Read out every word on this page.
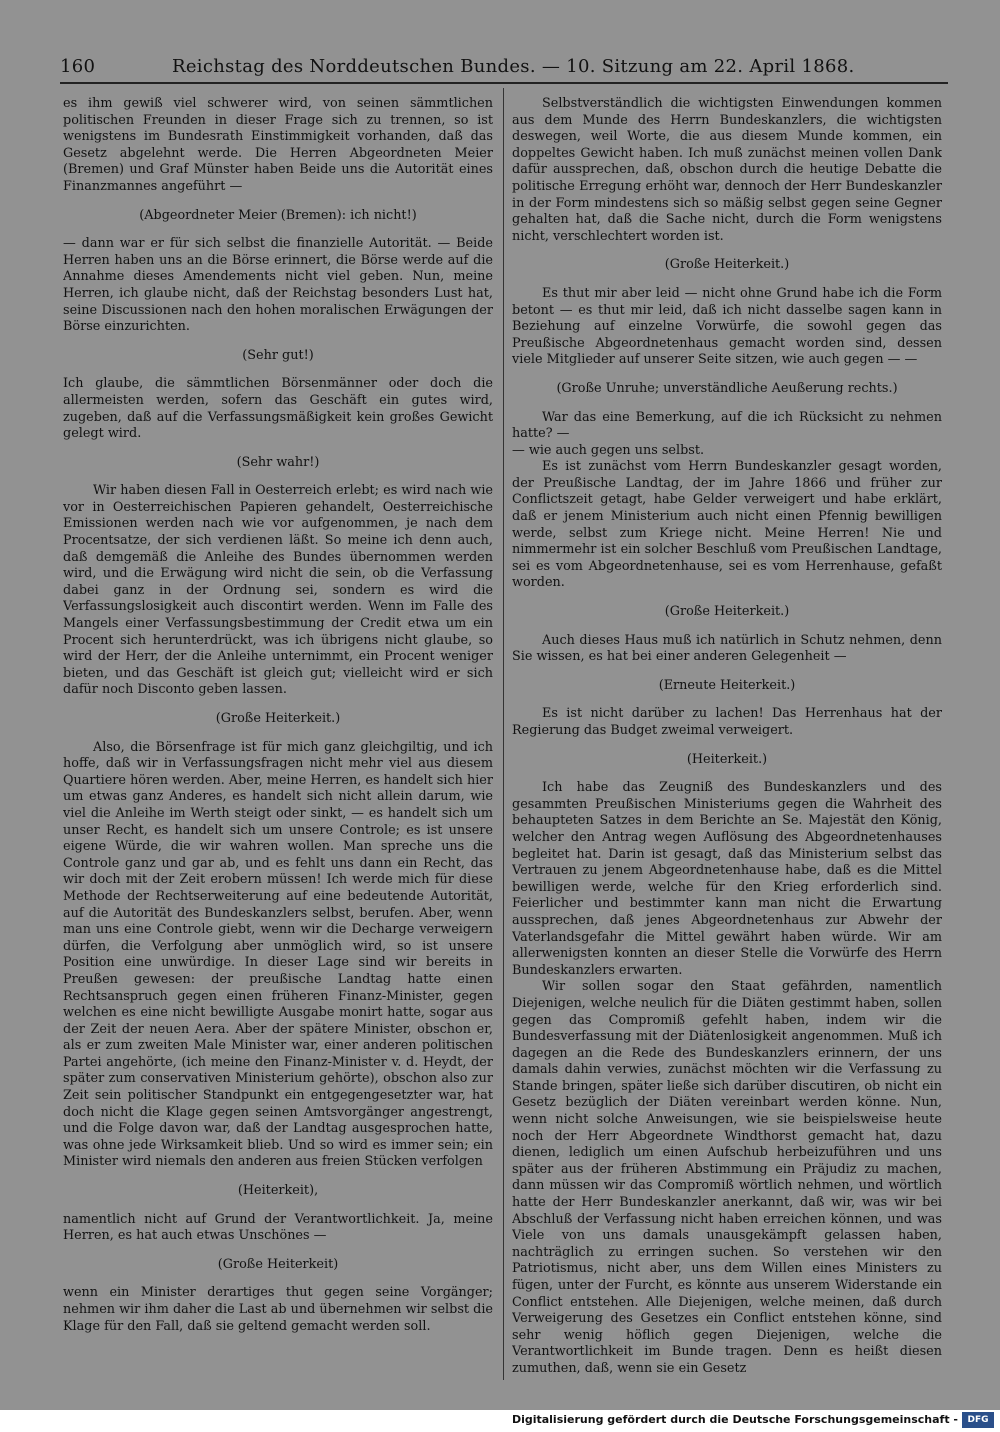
160	Reichstag des Norddeutschen Bundes. — 10. Sitzung am 22. April 1868.

es ihm gewiß viel schwerer wird, von seinen sämmtlichen politischen Freunden in dieser Frage sich zu trennen, so ist wenigstens im Bundesrath Einstimmigkeit vorhanden, daß das Gesetz abgelehnt werde. Die Herren Abgeordneten Meier (Bremen) und Graf Münster haben Beide uns die Autorität eines Finanzmannes angeführt —

(Abgeordneter Meier (Bremen): ich nicht!)

— dann war er für sich selbst die finanzielle Autorität. — Beide Herren haben uns an die Börse erinnert, die Börse werde auf die Annahme dieses Amendements nicht viel geben. Nun, meine Herren, ich glaube nicht, daß der Reichstag besonders Lust hat, seine Discussionen nach den hohen moralischen Erwägungen der Börse einzurichten.

(Sehr gut!)

Ich glaube, die sämmtlichen Börsenmänner oder doch die allermeisten werden, sofern das Geschäft ein gutes wird, zugeben, daß auf die Verfassungsmäßigkeit kein großes Gewicht gelegt wird.

(Sehr wahr!)

Wir haben diesen Fall in Oesterreich erlebt; es wird nach wie vor in Oesterreichischen Papieren gehandelt, Oesterreichische Emissionen werden nach wie vor aufgenommen, je nach dem Procentsatze, der sich verdienen läßt. So meine ich denn auch, daß demgemäß die Anleihe des Bundes übernommen werden wird, und die Erwägung wird nicht die sein, ob die Verfassung dabei ganz in der Ordnung sei, sondern es wird die Verfassungslosigkeit auch discontirt werden. Wenn im Falle des Mangels einer Verfassungsbestimmung der Credit etwa um ein Procent sich herunterdrückt, was ich übrigens nicht glaube, so wird der Herr, der die Anleihe unternimmt, ein Procent weniger bieten, und das Geschäft ist gleich gut; vielleicht wird er sich dafür noch Disconto geben lassen.

(Große Heiterkeit.)

Also, die Börsenfrage ist für mich ganz gleichgiltig, und ich hoffe, daß wir in Verfassungsfragen nicht mehr viel aus diesem Quartiere hören werden. Aber, meine Herren, es handelt sich hier um etwas ganz Anderes, es handelt sich nicht allein darum, wie viel die Anleihe im Werth steigt oder sinkt, — es handelt sich um unser Recht, es handelt sich um unsere Controle; es ist unsere eigene Würde, die wir wahren wollen. Man spreche uns die Controle ganz und gar ab, und es fehlt uns dann ein Recht, das wir doch mit der Zeit erobern müssen! Ich werde mich für diese Methode der Rechtserweiterung auf eine bedeutende Autorität, auf die Autorität des Bundeskanzlers selbst, berufen. Aber, wenn man uns eine Controle giebt, wenn wir die Decharge verweigern dürfen, die Verfolgung aber unmöglich wird, so ist unsere Position eine unwürdige. In dieser Lage sind wir bereits in Preußen gewesen: der preußische Landtag hatte einen Rechtsanspruch gegen einen früheren Finanz-Minister, gegen welchen es eine nicht bewilligte Ausgabe monirt hatte, sogar aus der Zeit der neuen Aera. Aber der spätere Minister, obschon er, als er zum zweiten Male Minister war, einer anderen politischen Partei angehörte, (ich meine den Finanz-Minister v. d. Heydt, der später zum conservativen Ministerium gehörte), obschon also zur Zeit sein politischer Standpunkt ein entgegengesetzter war, hat doch nicht die Klage gegen seinen Amtsvorgänger angestrengt, und die Folge davon war, daß der Landtag ausgesprochen hatte, was ohne jede Wirksamkeit blieb. Und so wird es immer sein; ein Minister wird niemals den anderen aus freien Stücken verfolgen

(Heiterkeit),

namentlich nicht auf Grund der Verantwortlichkeit. Ja, meine Herren, es hat auch etwas Unschönes —

(Große Heiterkeit)

wenn ein Minister derartiges thut gegen seine Vorgänger; nehmen wir ihm daher die Last ab und übernehmen wir selbst die Klage für den Fall, daß sie geltend gemacht werden soll.

Selbstverständlich die wichtigsten Einwendungen kommen aus dem Munde des Herrn Bundeskanzlers, die wichtigsten deswegen, weil Worte, die aus diesem Munde kommen, ein doppeltes Gewicht haben. Ich muß zunächst meinen vollen Dank dafür aussprechen, daß, obschon durch die heutige Debatte die politische Erregung erhöht war, dennoch der Herr Bundeskanzler in der Form mindestens sich so mäßig selbst gegen seine Gegner gehalten hat, daß die Sache nicht, durch die Form wenigstens nicht, verschlechtert worden ist.

(Große Heiterkeit.)

Es thut mir aber leid — nicht ohne Grund habe ich die Form betont — es thut mir leid, daß ich nicht dasselbe sagen kann in Beziehung auf einzelne Vorwürfe, die sowohl gegen das Preußische Abgeordnetenhaus gemacht worden sind, dessen viele Mitglieder auf unserer Seite sitzen, wie auch gegen — —

(Große Unruhe; unverständliche Aeußerung rechts.)

War das eine Bemerkung, auf die ich Rücksicht zu nehmen hatte? —

— wie auch gegen uns selbst.

Es ist zunächst vom Herrn Bundeskanzler gesagt worden, der Preußische Landtag, der im Jahre 1866 und früher zur Conflictszeit getagt, habe Gelder verweigert und habe erklärt, daß er jenem Ministerium auch nicht einen Pfennig bewilligen werde, selbst zum Kriege nicht. Meine Herren! Nie und nimmermehr ist ein solcher Beschluß vom Preußischen Landtage, sei es vom Abgeordnetenhause, sei es vom Herrenhause, gefaßt worden.

(Große Heiterkeit.)

Auch dieses Haus muß ich natürlich in Schutz nehmen, denn Sie wissen, es hat bei einer anderen Gelegenheit —

(Erneute Heiterkeit.)

Es ist nicht darüber zu lachen! Das Herrenhaus hat der Regierung das Budget zweimal verweigert.

(Heiterkeit.)

Ich habe das Zeugniß des Bundeskanzlers und des gesammten Preußischen Ministeriums gegen die Wahrheit des behaupteten Satzes in dem Berichte an Se. Majestät den König, welcher den Antrag wegen Auflösung des Abgeordnetenhauses begleitet hat. Darin ist gesagt, daß das Ministerium selbst das Vertrauen zu jenem Abgeordnetenhause habe, daß es die Mittel bewilligen werde, welche für den Krieg erforderlich sind. Feierlicher und bestimmter kann man nicht die Erwartung aussprechen, daß jenes Abgeordnetenhaus zur Abwehr der Vaterlandsgefahr die Mittel gewährt haben würde. Wir am allerwenigsten konnten an dieser Stelle die Vorwürfe des Herrn Bundeskanzlers erwarten.

Wir sollen sogar den Staat gefährden, namentlich Diejenigen, welche neulich für die Diäten gestimmt haben, sollen gegen das Compromiß gefehlt haben, indem wir die Bundesverfassung mit der Diätenlosigkeit angenommen. Muß ich dagegen an die Rede des Bundeskanzlers erinnern, der uns damals dahin verwies, zunächst möchten wir die Verfassung zu Stande bringen, später ließe sich darüber discutiren, ob nicht ein Gesetz bezüglich der Diäten vereinbart werden könne. Nun, wenn nicht solche Anweisungen, wie sie beispielsweise heute noch der Herr Abgeordnete Windthorst gemacht hat, dazu dienen, lediglich um einen Aufschub herbeizuführen und uns später aus der früheren Abstimmung ein Präjudiz zu machen, dann müssen wir das Compromiß wörtlich nehmen, und wörtlich hatte der Herr Bundeskanzler anerkannt, daß wir, was wir bei Abschluß der Verfassung nicht haben erreichen können, und was Viele von uns damals unausgekämpft gelassen haben, nachträglich zu erringen suchen. So verstehen wir den Patriotismus, nicht aber, uns dem Willen eines Ministers zu fügen, unter der Furcht, es könnte aus unserem Widerstande ein Conflict entstehen. Alle Diejenigen, welche meinen, daß durch Verweigerung des Gesetzes ein Conflict entstehen könne, sind sehr wenig höflich gegen Diejenigen, welche die Verantwortlichkeit im Bunde tragen. Denn es heißt diesen zumuthen, daß, wenn sie ein Gesetz

Digitalisierung gefördert durch die Deutsche Forschungsgemeinschaft -	DFG
